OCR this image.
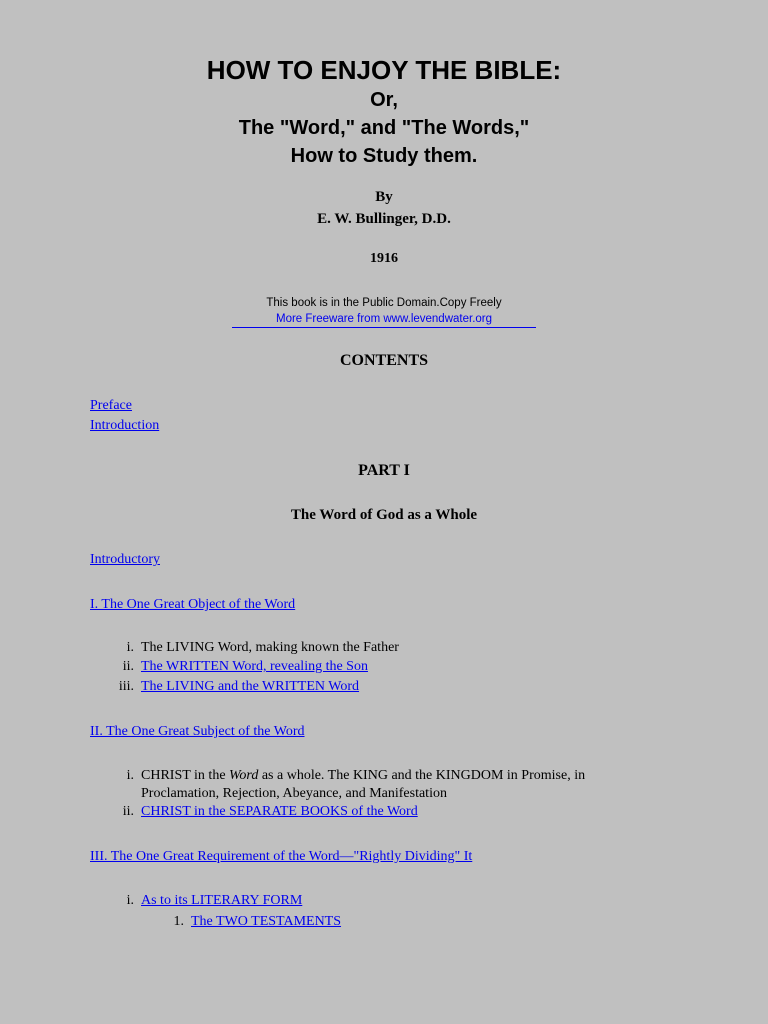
HOW TO ENJOY THE BIBLE:
Or,
The "Word," and "The Words,"
How to Study them.
By
E. W. Bullinger, D.D.
1916
This book is in the Public Domain.Copy Freely
More Freeware from www.levendwater.org
CONTENTS
Preface
Introduction
PART I
The Word of God as a Whole
Introductory
I. The One Great Object of the Word
i. The LIVING Word, making known the Father
ii. The WRITTEN Word, revealing the Son
iii. The LIVING and the WRITTEN Word
II. The One Great Subject of the Word
i. CHRIST in the Word as a whole. The KING and the KINGDOM in Promise, in Proclamation, Rejection, Abeyance, and Manifestation
ii. CHRIST in the SEPARATE BOOKS of the Word
III. The One Great Requirement of the Word—"Rightly Dividing" It
i. As to its LITERARY FORM
1. The TWO TESTAMENTS
